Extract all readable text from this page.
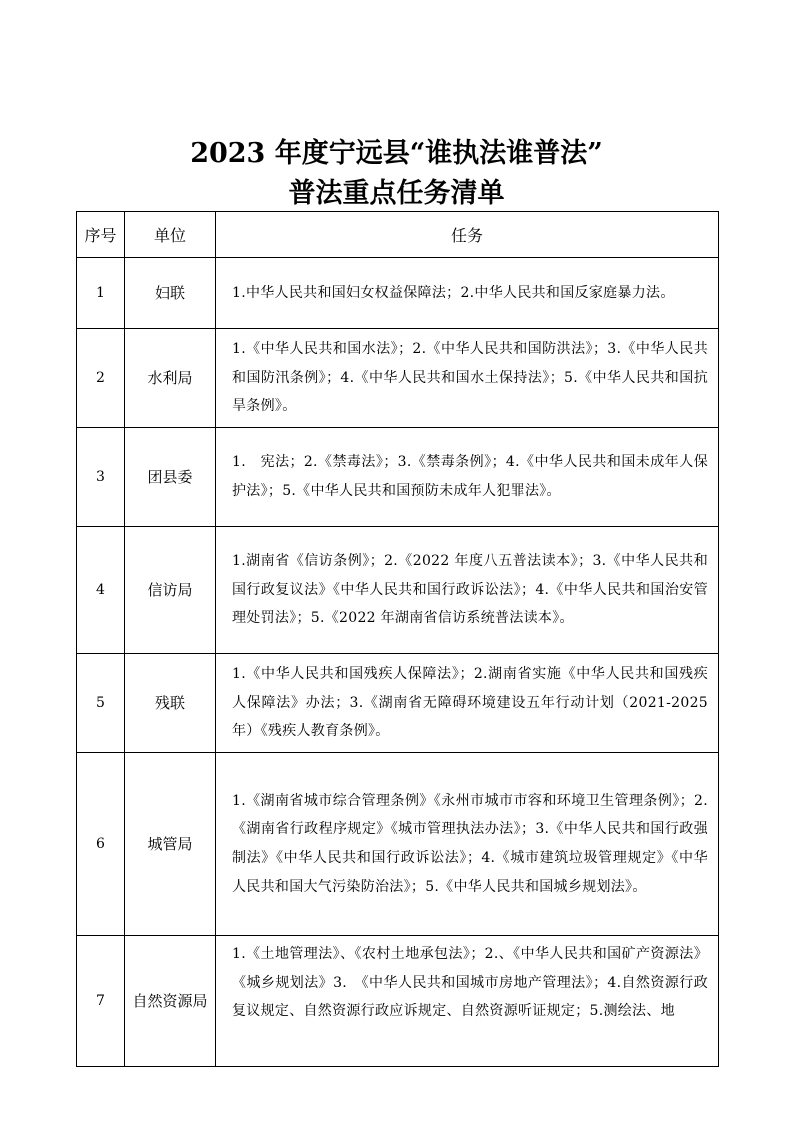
2023 年度宁远县“谁执法谁普法”
普法重点任务清单
序号	单位	任务
1	妇联	1.中华人民共和国妇女权益保障法；2.中华人民共和国反家庭暴力法。
2	水利局	1.《中华人民共和国水法》；2.《中华人民共和国防洪法》；3.《中华人民共和国防汛条例》；4.《中华人民共和国水土保持法》；5.《中华人民共和国抗旱条例》。
3	团县委	1.　宪法；2.《禁毒法》；3.《禁毒条例》；4.《中华人民共和国未成年人保护法》；5.《中华人民共和国预防未成年人犯罪法》。
4	信访局	1.湖南省《信访条例》；2.《2022 年度八五普法读本》；3.《中华人民共和国行政复议法》《中华人民共和国行政诉讼法》；4.《中华人民共和国治安管理处罚法》；5.《2022 年湖南省信访系统普法读本》。
5	残联	1.《中华人民共和国残疾人保障法》；2.湖南省实施《中华人民共和国残疾人保障法》办法；3.《湖南省无障碍环境建设五年行动计划（2021-2025 年）《残疾人教育条例》。
6	城管局	1.《湖南省城市综合管理条例》《永州市城市市容和环境卫生管理条例》；2.《湖南省行政程序规定》《城市管理执法办法》；3.《中华人民共和国行政强制法》《中华人民共和国行政诉讼法》；4.《城市建筑垃圾管理规定》《中华人民共和国大气污染防治法》；5.《中华人民共和国城乡规划法》。
7	自然资源局	1.《土地管理法》、《农村土地承包法》；2.、《中华人民共和国矿产资源法》《城乡规划法》3.　《中华人民共和国城市房地产管理法》；4.自然资源行政复议规定、自然资源行政应诉规定、自然资源听证规定；5.测绘法、地
